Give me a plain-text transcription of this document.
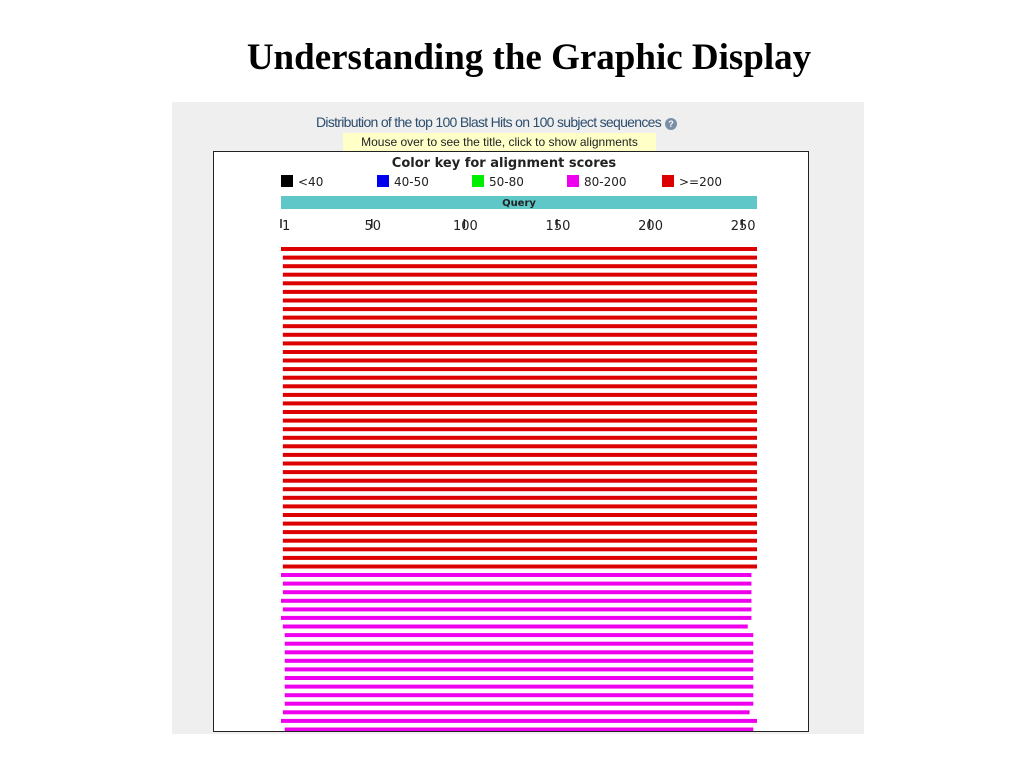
Understanding the Graphic Display
Distribution of the top 100 Blast Hits on 100 subject sequences ?
Mouse over to see the title, click to show alignments
Color key for alignment scores
<40	40-50	50-80	80-200	>=200
Query
1	50	100	150	200	250
